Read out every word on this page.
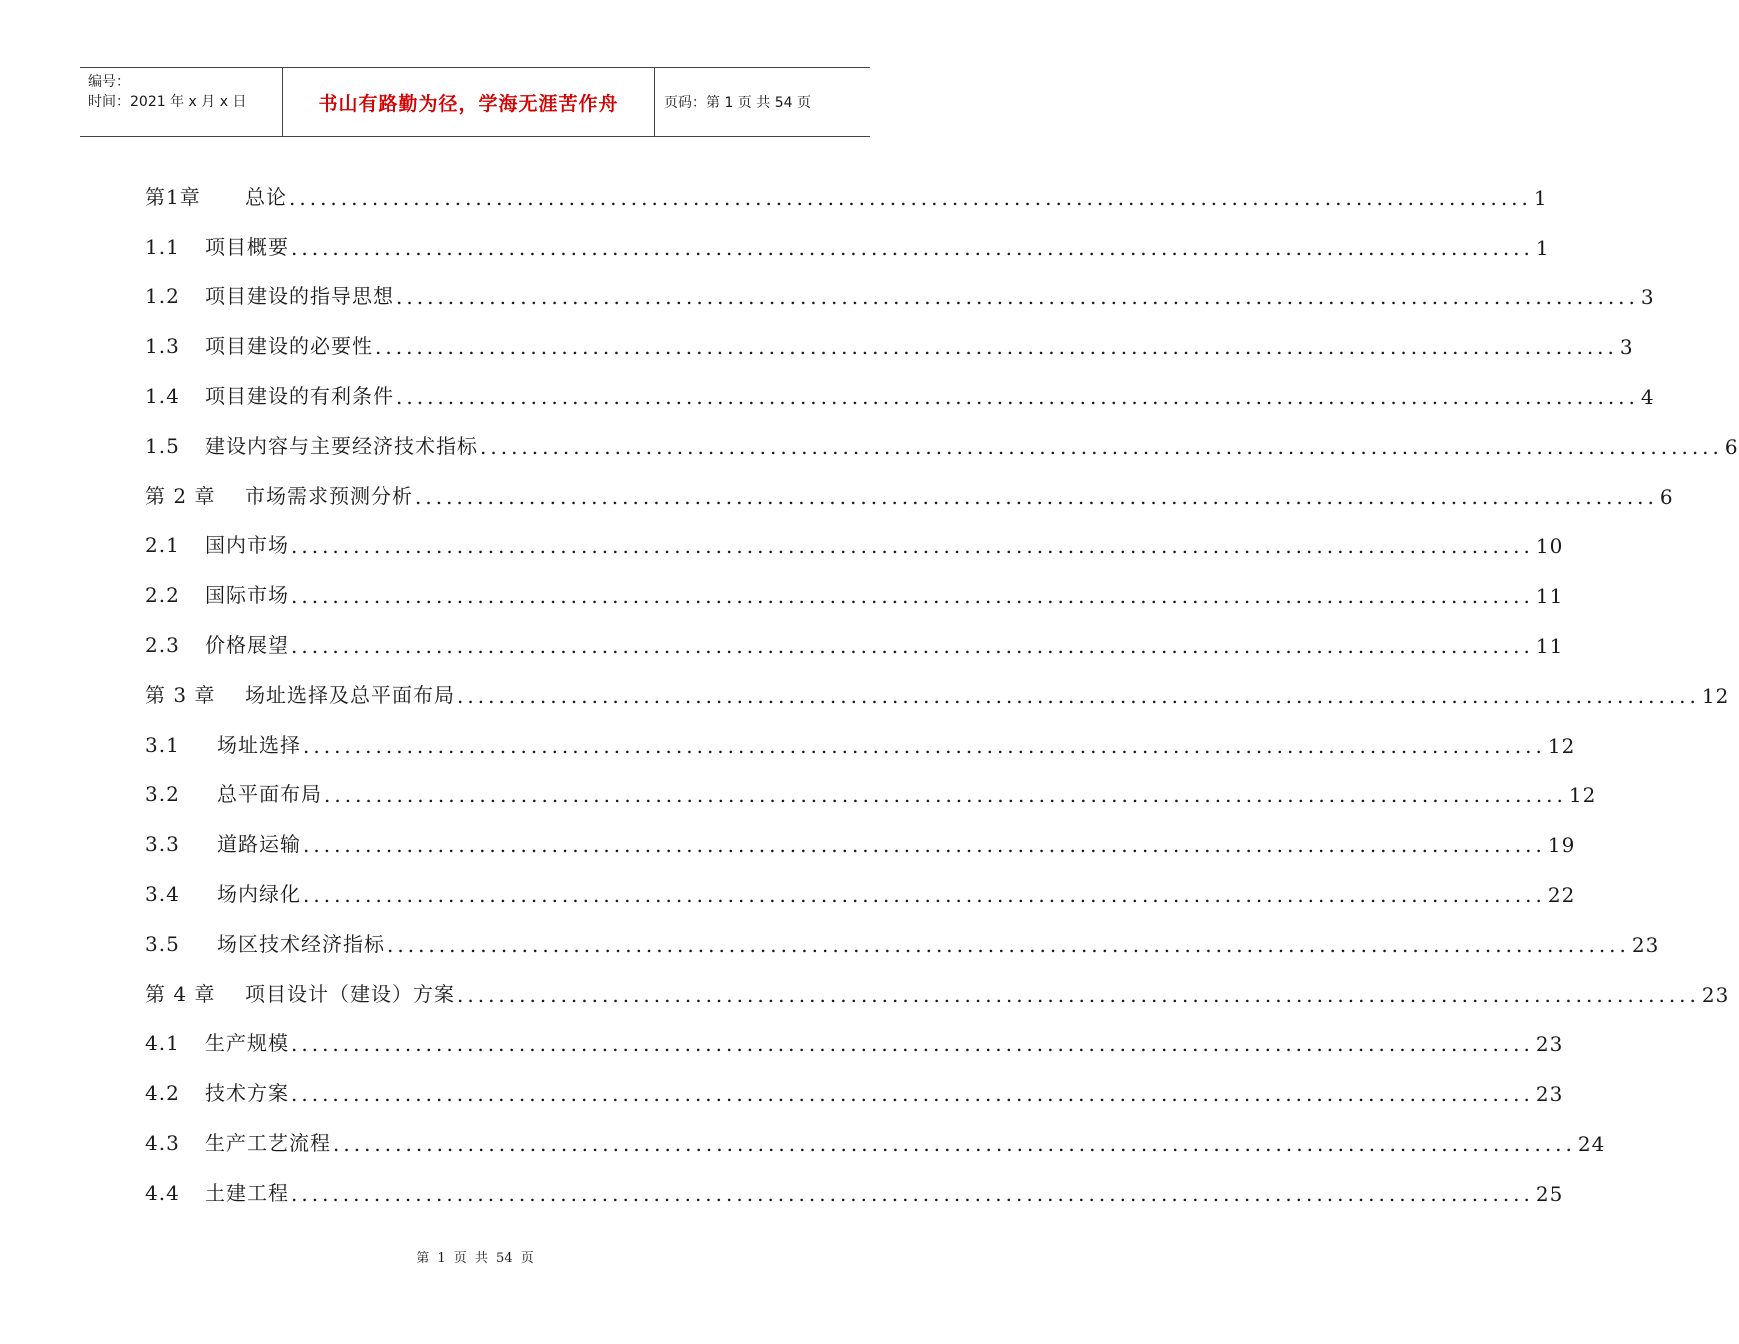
编号：
时间：2021 年 x 月 x 日	书山有路勤为径，学海无涯苦作舟	页码：第 1 页 共 54 页
第1章 总论 ........................................................................................................................ 1
1.1 项目概要 ........................................................................................................................ 1
1.2 项目建设的指导思想 ........................................................................................................................ 3
1.3 项目建设的必要性 ........................................................................................................................ 3
1.4 项目建设的有利条件 ........................................................................................................................ 4
1.5 建设内容与主要经济技术指标 ........................................................................................................................ 6
第 2 章 市场需求预测分析 ........................................................................................................................ 6
2.1 国内市场 ........................................................................................................................ 10
2.2 国际市场 ........................................................................................................................ 11
2.3 价格展望 ........................................................................................................................ 11
第 3 章 场址选择及总平面布局 ........................................................................................................................ 12
3.1 场址选择 ........................................................................................................................ 12
3.2 总平面布局 ........................................................................................................................ 12
3.3 道路运输 ........................................................................................................................ 19
3.4 场内绿化 ........................................................................................................................ 22
3.5 场区技术经济指标 ........................................................................................................................ 23
第 4 章 项目设计（建设）方案 ........................................................................................................................ 23
4.1 生产规模 ........................................................................................................................ 23
4.2 技术方案 ........................................................................................................................ 23
4.3 生产工艺流程 ........................................................................................................................ 24
4.4 土建工程 ........................................................................................................................ 25
第 1 页 共 54 页
